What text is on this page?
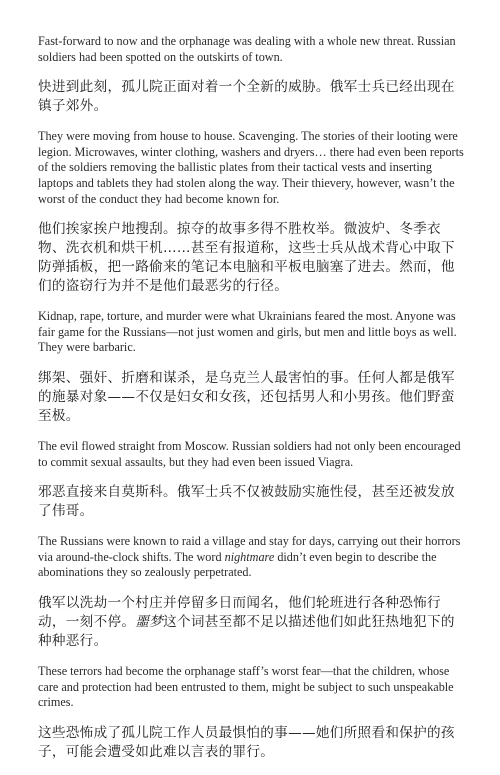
Fast-forward to now and the orphanage was dealing with a whole new threat. Russian soldiers had been spotted on the outskirts of town.

快进到此刻，孤儿院正面对着一个全新的威胁。俄军士兵已经出现在镇子郊外。

They were moving from house to house. Scavenging. The stories of their looting were legion. Microwaves, winter clothing, washers and dryers… there had even been reports of the soldiers removing the ballistic plates from their tactical vests and inserting laptops and tablets they had stolen along the way. Their thievery, however, wasn’t the worst of the conduct they had become known for.

他们挨家挨户地搜刮。掠夺的故事多得不胜枚举。微波炉、冬季衣物、洗衣机和烘干机……甚至有报道称，这些士兵从战术背心中取下防弹插板，把一路偷来的笔记本电脑和平板电脑塞了进去。然而，他们的盗窃行为并不是他们最恶劣的行径。

Kidnap, rape, torture, and murder were what Ukrainians feared the most. Anyone was fair game for the Russians—not just women and girls, but men and little boys as well. They were barbaric.

绑架、强奸、折磨和谋杀，是乌克兰人最害怕的事。任何人都是俄军的施暴对象——不仅是妇女和女孩，还包括男人和小男孩。他们野蛮至极。

The evil flowed straight from Moscow. Russian soldiers had not only been encouraged to commit sexual assaults, but they had even been issued Viagra.

邪恶直接来自莫斯科。俄军士兵不仅被鼓励实施性侵，甚至还被发放了伟哥。

The Russians were known to raid a village and stay for days, carrying out their horrors via around-the-clock shifts. The word nightmare didn’t even begin to describe the abominations they so zealously perpetrated.

俄军以洗劫一个村庄并停留多日而闻名，他们轮班进行各种恐怖行动，一刻不停。噩梦这个词甚至都不足以描述他们如此狂热地犯下的种种恶行。

These terrors had become the orphanage staff’s worst fear—that the children, whose care and protection had been entrusted to them, might be subject to such unspeakable crimes.

这些恐怖成了孤儿院工作人员最惧怕的事——她们所照看和保护的孩子，可能会遭受如此难以言表的罪行。
